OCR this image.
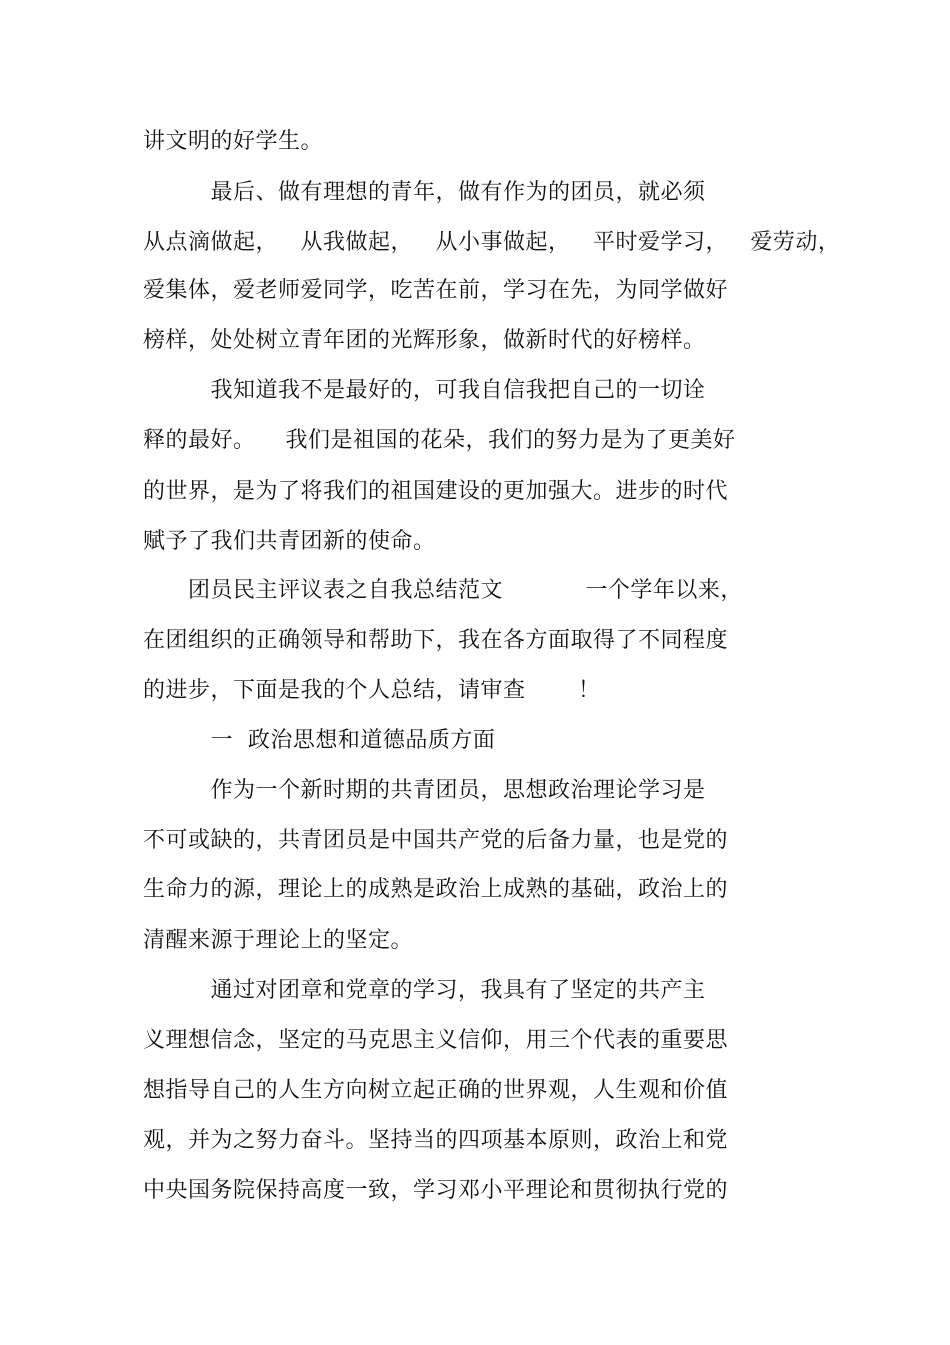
讲文明的好学生。
最后、做有理想的青年，做有作为的团员，就必须
从点滴做起，   从我做起，   从小事做起，   平时爱学习，   爱劳动，
爱集体，爱老师爱同学，吃苦在前，学习在先，为同学做好
榜样，处处树立青年团的光辉形象，做新时代的好榜样。
我知道我不是最好的，可我自信我把自己的一切诠
释的最好。    我们是祖国的花朵，我们的努力是为了更美好
的世界，是为了将我们的祖国建设的更加强大。进步的时代
赋予了我们共青团新的使命。
团员民主评议表之自我总结范文           一个学年以来，
在团组织的正确领导和帮助下，我在各方面取得了不同程度
的进步，下面是我的个人总结，请审查       ！
一  政治思想和道德品质方面
作为一个新时期的共青团员，思想政治理论学习是
不可或缺的，共青团员是中国共产党的后备力量，也是党的
生命力的源，理论上的成熟是政治上成熟的基础，政治上的
清醒来源于理论上的坚定。
通过对团章和党章的学习，我具有了坚定的共产主
义理想信念，坚定的马克思主义信仰，用三个代表的重要思
想指导自己的人生方向树立起正确的世界观，人生观和价值
观，并为之努力奋斗。坚持当的四项基本原则，政治上和党
中央国务院保持高度一致，学习邓小平理论和贯彻执行党的
